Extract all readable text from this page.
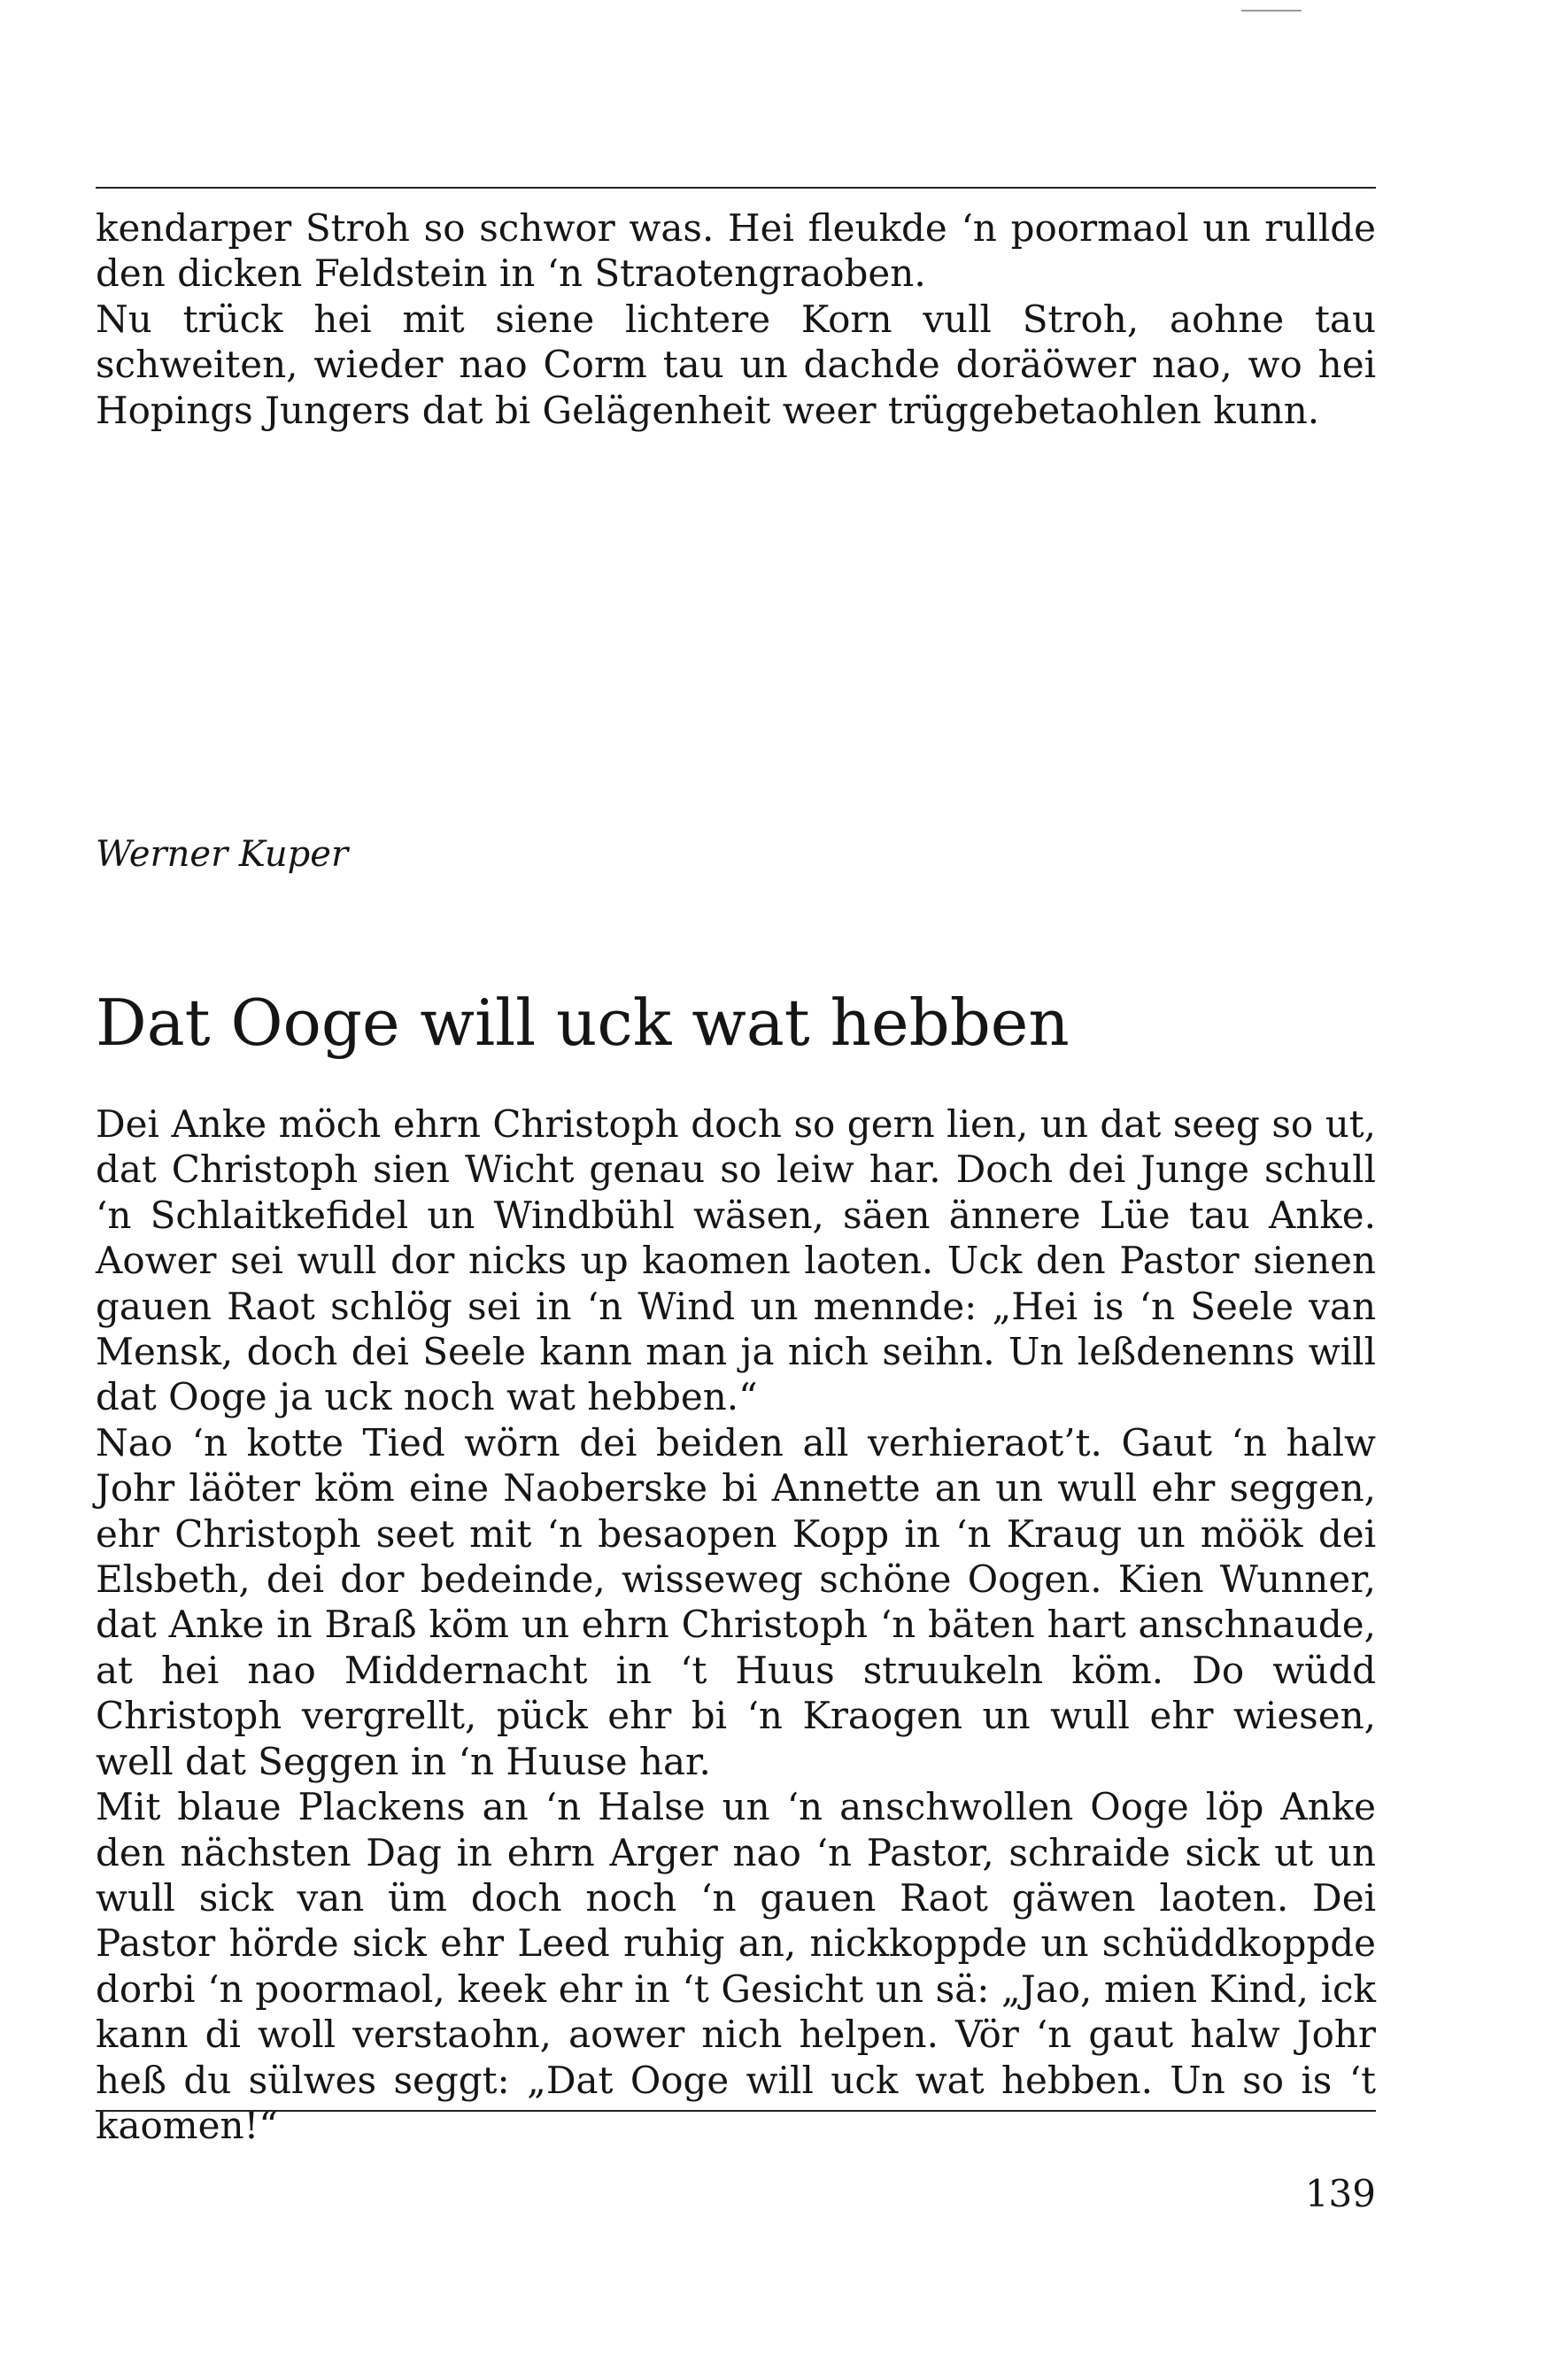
kendarper Stroh so schwor was. Hei fleukde ‘n poormaol un rullde den dicken Feldstein in ‘n Straotengraoben.

Nu trück hei mit siene lichtere Korn vull Stroh, aohne tau schweiten, wieder nao Corm tau un dachde doräöwer nao, wo hei Hopings Jungers dat bi Gelägenheit weer trüggebetaohlen kunn.

Werner Kuper
Dat Ooge will uck wat hebben

Dei Anke möch ehrn Christoph doch so gern lien, un dat seeg so ut, dat Christoph sien Wicht genau so leiw har. Doch dei Junge schull ‘n Schlaitkefidel un Windbühl wäsen, säen ännere Lüe tau Anke. Aower sei wull dor nicks up kaomen laoten. Uck den Pastor sienen gauen Raot schlög sei in ‘n Wind un mennde: „Hei is ‘n Seele van Mensk, doch dei Seele kann man ja nich seihn. Un leßdenenns will dat Ooge ja uck noch wat hebben.“

Nao ‘n kotte Tied wörn dei beiden all verhieraot’t. Gaut ‘n halw Johr läöter köm eine Naoberske bi Annette an un wull ehr seggen, ehr Christoph seet mit ‘n besaopen Kopp in ‘n Kraug un möök dei Elsbeth, dei dor bedeinde, wisseweg schöne Oogen. Kien Wunner, dat Anke in Braß köm un ehrn Christoph ‘n bäten hart anschnaude, at hei nao Middernacht in ‘t Huus struukeln köm. Do wüdd Christoph vergrellt, pück ehr bi ‘n Kraogen un wull ehr wiesen, well dat Seggen in ‘n Huuse har.

Mit blaue Plackens an ‘n Halse un ‘n anschwollen Ooge löp Anke den nächsten Dag in ehrn Arger nao ‘n Pastor, schraide sick ut un wull sick van üm doch noch ‘n gauen Raot gäwen laoten. Dei Pastor hörde sick ehr Leed ruhig an, nickkoppde un schüddkoppde dorbi ‘n poormaol, keek ehr in ‘t Gesicht un sä: „Jao, mien Kind, ick kann di woll verstaohn, aower nich helpen. Vör ‘n gaut halw Johr heß du sülwes seggt: „Dat Ooge will uck wat hebben. Un so is ‘t kaomen!“

139
